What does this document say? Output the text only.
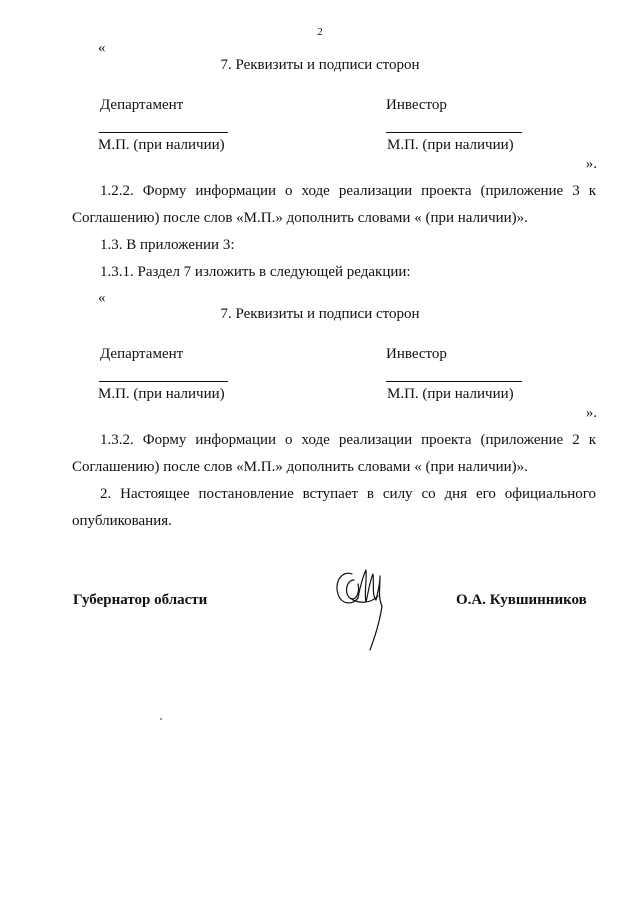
2
«
7. Реквизиты и подписи сторон
Департамент	Инвестор
М.П. (при наличии)	М.П. (при наличии)
».
1.2.2. Форму информации о ходе реализации проекта (приложение 3 к Соглашению) после слов «М.П.» дополнить словами « (при наличии)».
1.3. В приложении 3:
1.3.1. Раздел 7 изложить в следующей редакции:
«
7. Реквизиты и подписи сторон
Департамент	Инвестор
М.П. (при наличии)	М.П. (при наличии)
».
1.3.2. Форму информации о ходе реализации проекта (приложение 2 к Соглашению) после слов «М.П.» дополнить словами « (при наличии)».
2. Настоящее постановление вступает в силу со дня его официального опубликования.
Губернатор области	О.А. Кувшинников
